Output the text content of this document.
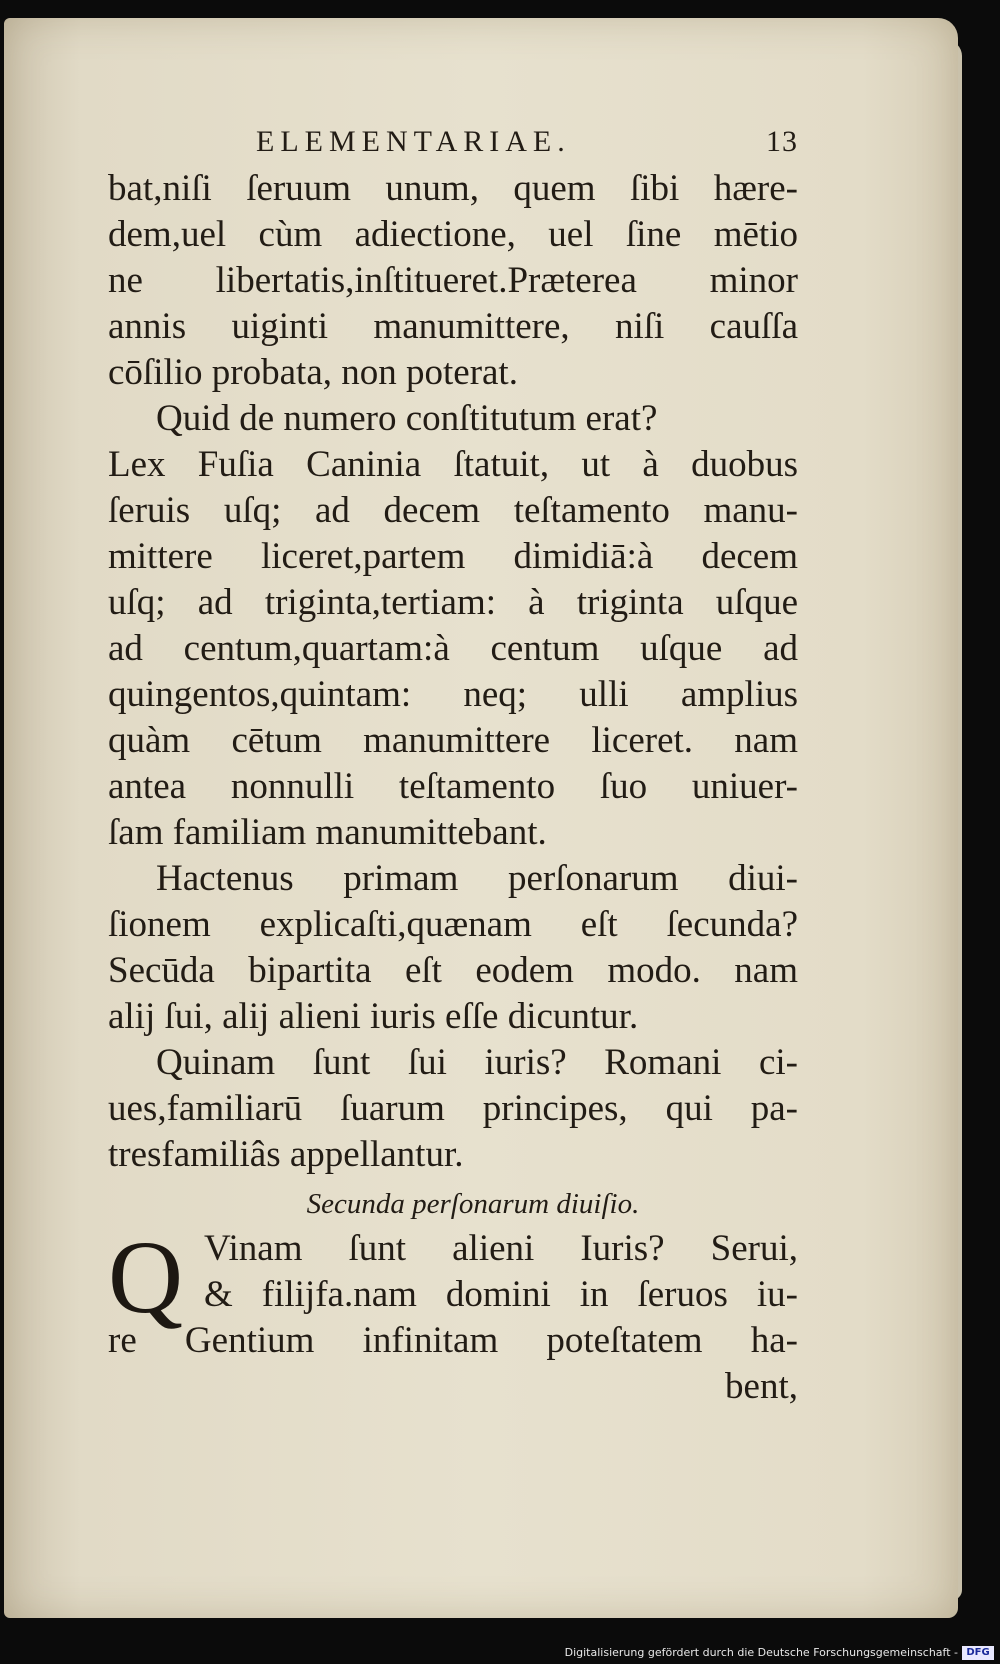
ELEMENTARIAE.	13
bat,niſi ſeruum unum, quem ſibi hære-
dem,uel cùm adiectione, uel ſine mētio
ne libertatis,inſtitueret.Præterea minor
annis uiginti manumittere, niſi cauſſa
cōſilio probata, non poterat.
Quid de numero conſtitutum erat?
Lex Fuſia Caninia ſtatuit, ut à duobus
ſeruis uſq; ad decem teſtamento manu-
mittere liceret,partem dimidiā:à decem
uſq; ad triginta,tertiam: à triginta uſque
ad centum,quartam:à centum uſque ad
quingentos,quintam: neq; ulli amplius
quàm cētum manumittere liceret. nam
antea nonnulli teſtamento ſuo uniuer-
ſam familiam manumittebant.
Hactenus primam perſonarum diui-
ſionem explicaſti,quænam eſt ſecunda?
Secūda bipartita eſt eodem modo. nam
alij ſui, alij alieni iuris eſſe dicuntur.
Quinam ſunt ſui iuris? Romani ci-
ues,familiarū ſuarum principes, qui pa-
tresfamiliâs appellantur.
Secunda perſonarum diuiſio.
Q Vinam ſunt alieni Iuris? Serui,
& filijfa.nam domini in ſeruos iu-
re Gentium infinitam poteſtatem ha-
bent,
Digitalisierung gefördert durch die Deutsche Forschungsgemeinschaft - DFG
